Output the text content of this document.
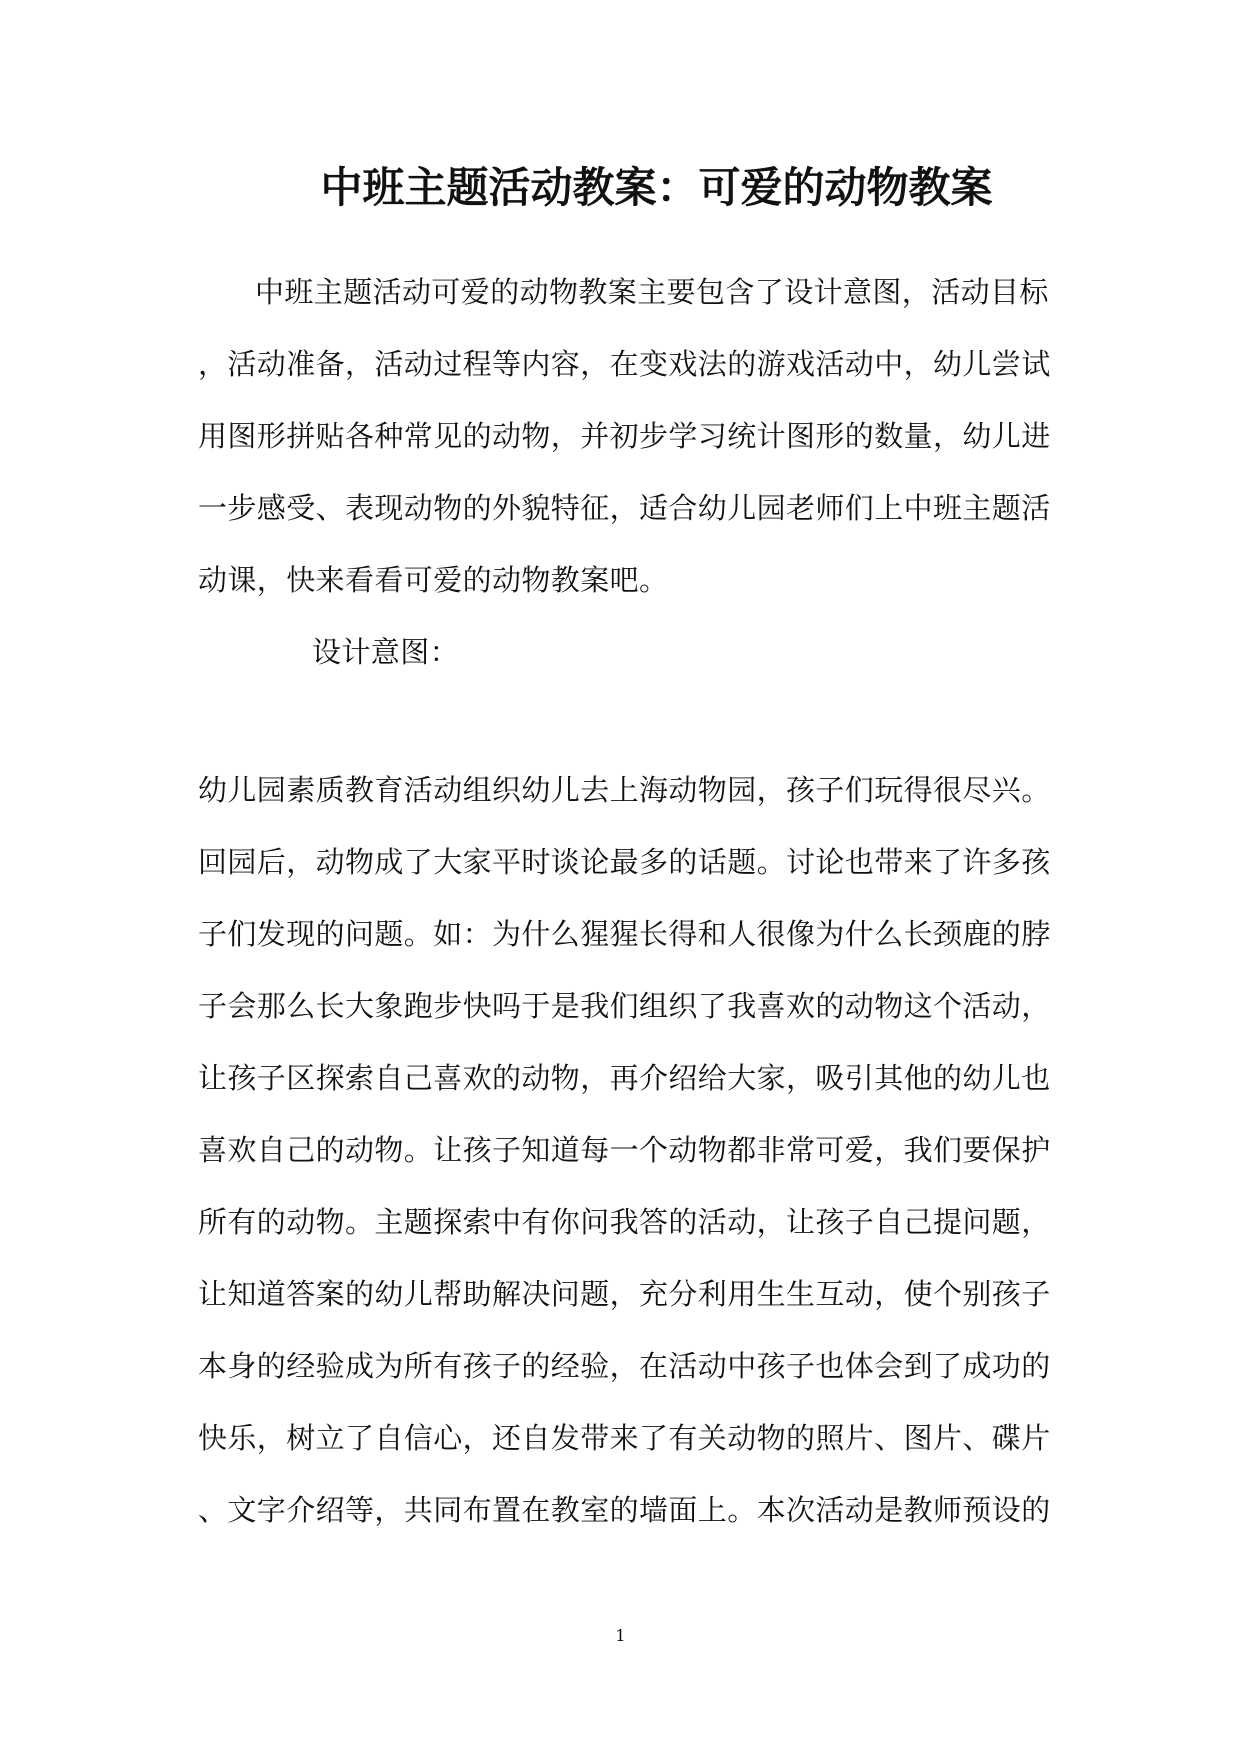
中班主题活动教案：可爱的动物教案
中班主题活动可爱的动物教案主要包含了设计意图，活动目标
，活动准备，活动过程等内容，在变戏法的游戏活动中，幼儿尝试
用图形拼贴各种常见的动物，并初步学习统计图形的数量，幼儿进
一步感受、表现动物的外貌特征，适合幼儿园老师们上中班主题活
动课，快来看看可爱的动物教案吧。
设计意图：
幼儿园素质教育活动组织幼儿去上海动物园，孩子们玩得很尽兴。
回园后，动物成了大家平时谈论最多的话题。讨论也带来了许多孩
子们发现的问题。如：为什么猩猩长得和人很像为什么长颈鹿的脖
子会那么长大象跑步快吗于是我们组织了我喜欢的动物这个活动，
让孩子区探索自己喜欢的动物，再介绍给大家，吸引其他的幼儿也
喜欢自己的动物。让孩子知道每一个动物都非常可爱，我们要保护
所有的动物。主题探索中有你问我答的活动，让孩子自己提问题，
让知道答案的幼儿帮助解决问题，充分利用生生互动，使个别孩子
本身的经验成为所有孩子的经验，在活动中孩子也体会到了成功的
快乐，树立了自信心，还自发带来了有关动物的照片、图片、碟片
、文字介绍等，共同布置在教室的墙面上。本次活动是教师预设的
1
